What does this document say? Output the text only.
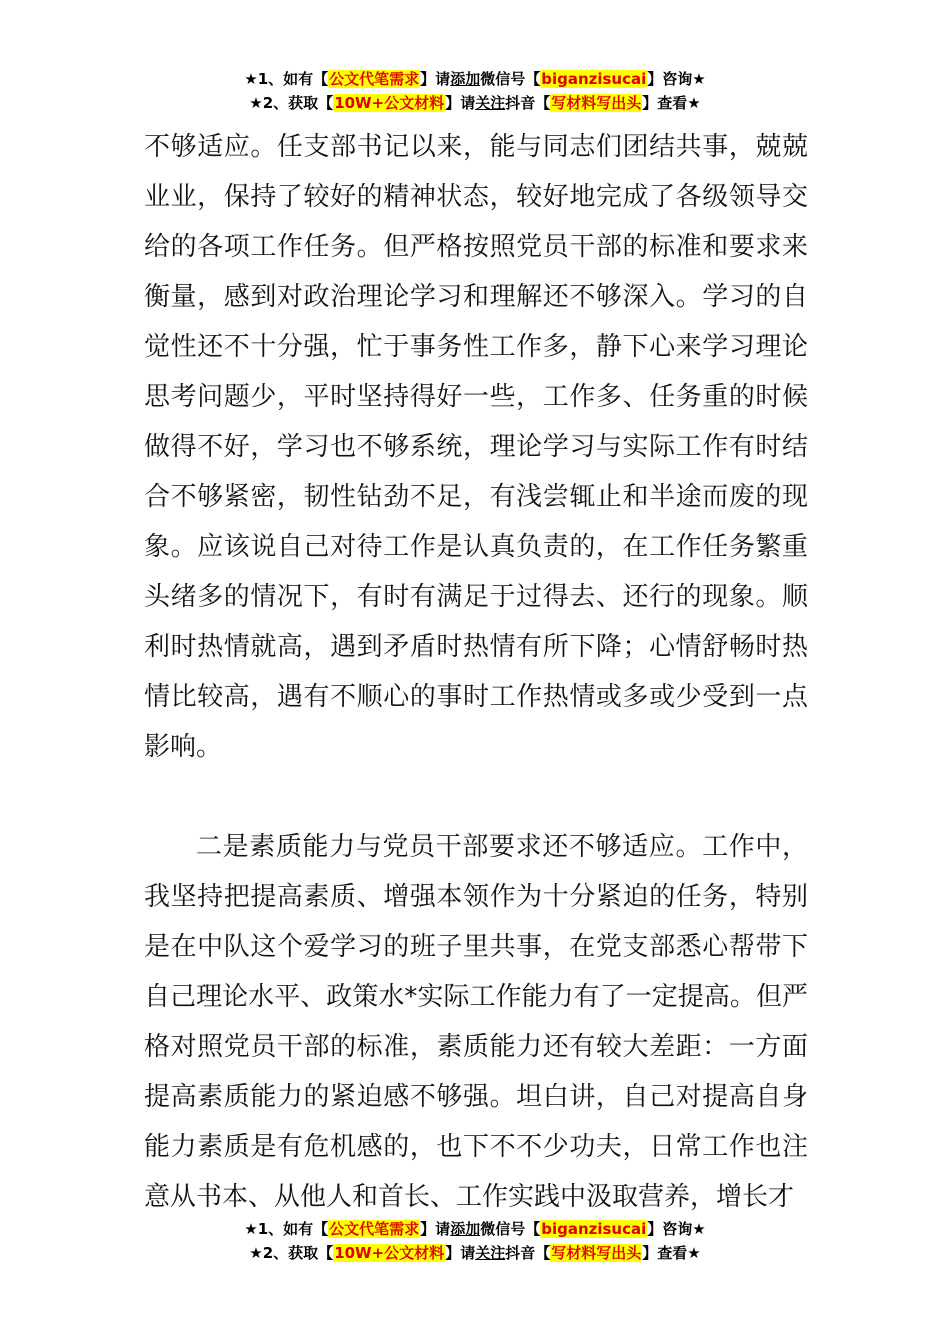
★1、如有【公文代笔需求】请添加微信号【biganzisucai】咨询★
★2、获取【10W+公文材料】请关注抖音【写材料写出头】查看★

不够适应。任支部书记以来，能与同志们团结共事，兢兢业业，保持了较好的精神状态，较好地完成了各级领导交给的各项工作任务。但严格按照党员干部的标准和要求来衡量，感到对政治理论学习和理解还不够深入。学习的自觉性还不十分强，忙于事务性工作多，静下心来学习理论思考问题少，平时坚持得好一些，工作多、任务重的时候做得不好，学习也不够系统，理论学习与实际工作有时结合不够紧密，韧性钻劲不足，有浅尝辄止和半途而废的现象。应该说自己对待工作是认真负责的，在工作任务繁重头绪多的情况下，有时有满足于过得去、还行的现象。顺利时热情就高，遇到矛盾时热情有所下降；心情舒畅时热情比较高，遇有不顺心的事时工作热情或多或少受到一点影响。

二是素质能力与党员干部要求还不够适应。工作中，我坚持把提高素质、增强本领作为十分紧迫的任务，特别是在中队这个爱学习的班子里共事，在党支部悉心帮带下自己理论水平、政策水*实际工作能力有了一定提高。但严格对照党员干部的标准，素质能力还有较大差距：一方面提高素质能力的紧迫感不够强。坦白讲，自己对提高自身能力素质是有危机感的，也下不不少功夫，日常工作也注意从书本、从他人和首长、工作实践中汲取营养，增长才

★1、如有【公文代笔需求】请添加微信号【biganzisucai】咨询★
★2、获取【10W+公文材料】请关注抖音【写材料写出头】查看★
